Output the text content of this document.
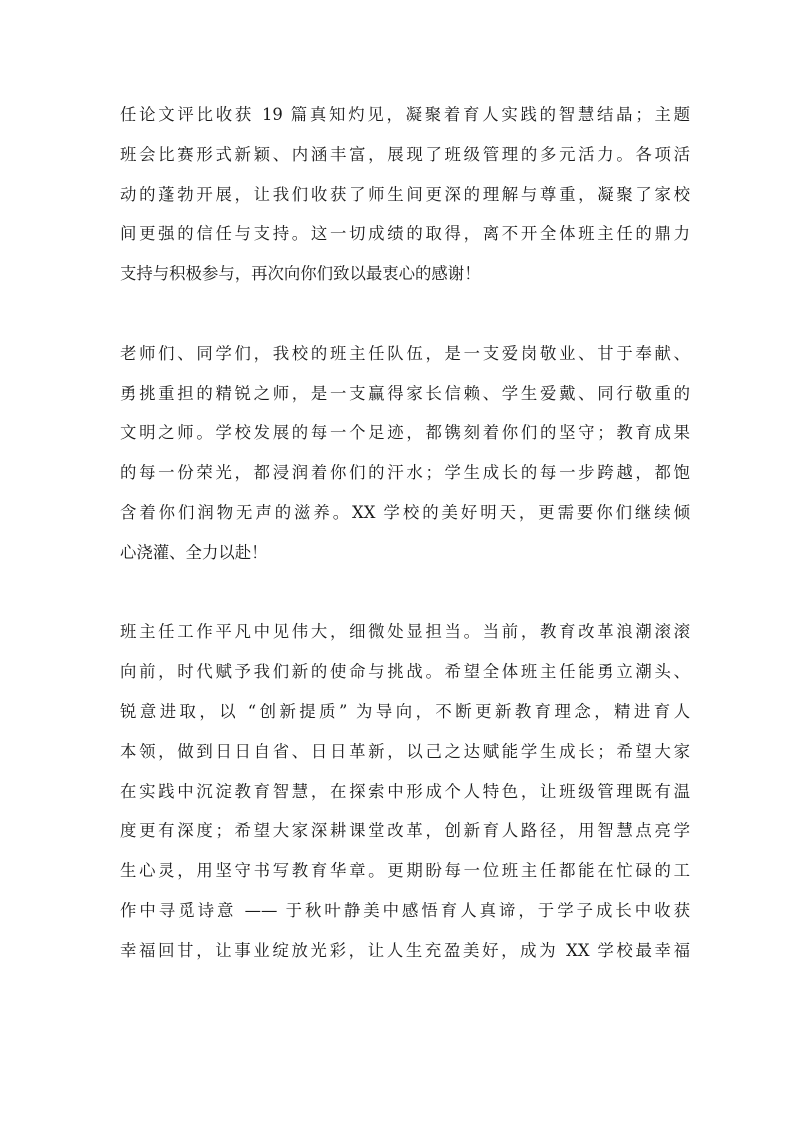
任论文评比收获 19 篇真知灼见，凝聚着育人实践的智慧结晶；主题
班会比赛形式新颖、内涵丰富，展现了班级管理的多元活力。各项活
动的蓬勃开展，让我们收获了师生间更深的理解与尊重，凝聚了家校
间更强的信任与支持。这一切成绩的取得，离不开全体班主任的鼎力
支持与积极参与，再次向你们致以最衷心的感谢！
老师们、同学们，我校的班主任队伍，是一支爱岗敬业、甘于奉献、
勇挑重担的精锐之师，是一支赢得家长信赖、学生爱戴、同行敬重的
文明之师。学校发展的每一个足迹，都镌刻着你们的坚守；教育成果
的每一份荣光，都浸润着你们的汗水；学生成长的每一步跨越，都饱
含着你们润物无声的滋养。XX 学校的美好明天，更需要你们继续倾
心浇灌、全力以赴！
班主任工作平凡中见伟大，细微处显担当。当前，教育改革浪潮滚滚
向前，时代赋予我们新的使命与挑战。希望全体班主任能勇立潮头、
锐意进取，以 “创新提质” 为导向，不断更新教育理念，精进育人
本领，做到日日自省、日日革新，以己之达赋能学生成长；希望大家
在实践中沉淀教育智慧，在探索中形成个人特色，让班级管理既有温
度更有深度；希望大家深耕课堂改革，创新育人路径，用智慧点亮学
生心灵，用坚守书写教育华章。更期盼每一位班主任都能在忙碌的工
作中寻觅诗意 —— 于秋叶静美中感悟育人真谛，于学子成长中收获
幸福回甘，让事业绽放光彩，让人生充盈美好，成为 XX 学校最幸福
